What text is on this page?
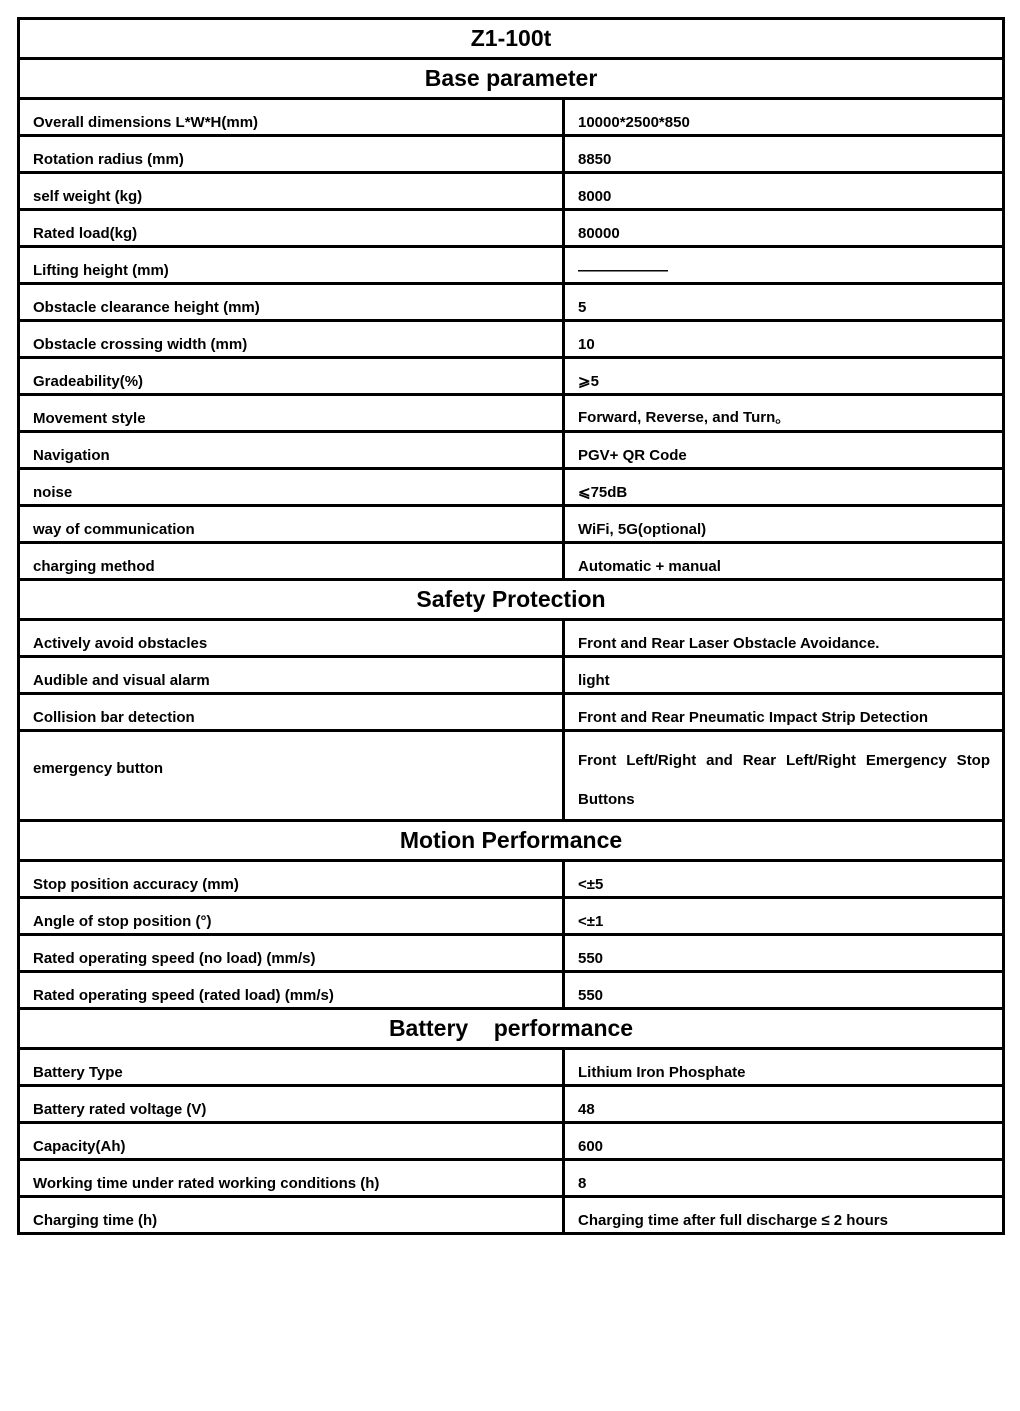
Z1-100t	
Base parameter	
Overall dimensions L*W*H(mm)	10000*2500*850
Rotation radius (mm)	8850
self weight (kg)	8000
Rated load(kg)	80000
Lifting height (mm)	——————
Obstacle clearance height (mm)	5
Obstacle crossing width (mm)	10
Gradeability(%)	⩾5
Movement style	Forward, Reverse, and Turn。
Navigation	PGV+ QR Code
noise	⩽75dB
way of communication	WiFi, 5G(optional)
charging method	Automatic + manual
Safety Protection	
Actively avoid obstacles	Front and Rear Laser Obstacle Avoidance.
Audible and visual alarm	light
Collision bar detection	Front and Rear Pneumatic Impact Strip Detection
emergency button	Front Left/Right and Rear Left/Right Emergency Stop Buttons
Motion Performance	
Stop position accuracy (mm)	<±5
Angle of stop position (°)	<±1
Rated operating speed (no load) (mm/s)	550
Rated operating speed (rated load) (mm/s)	550
Battery    performance	
Battery Type	Lithium Iron Phosphate
Battery rated voltage (V)	48
Capacity(Ah)	600
Working time under rated working conditions (h)	8
Charging time (h)	Charging time after full discharge ≤ 2 hours
